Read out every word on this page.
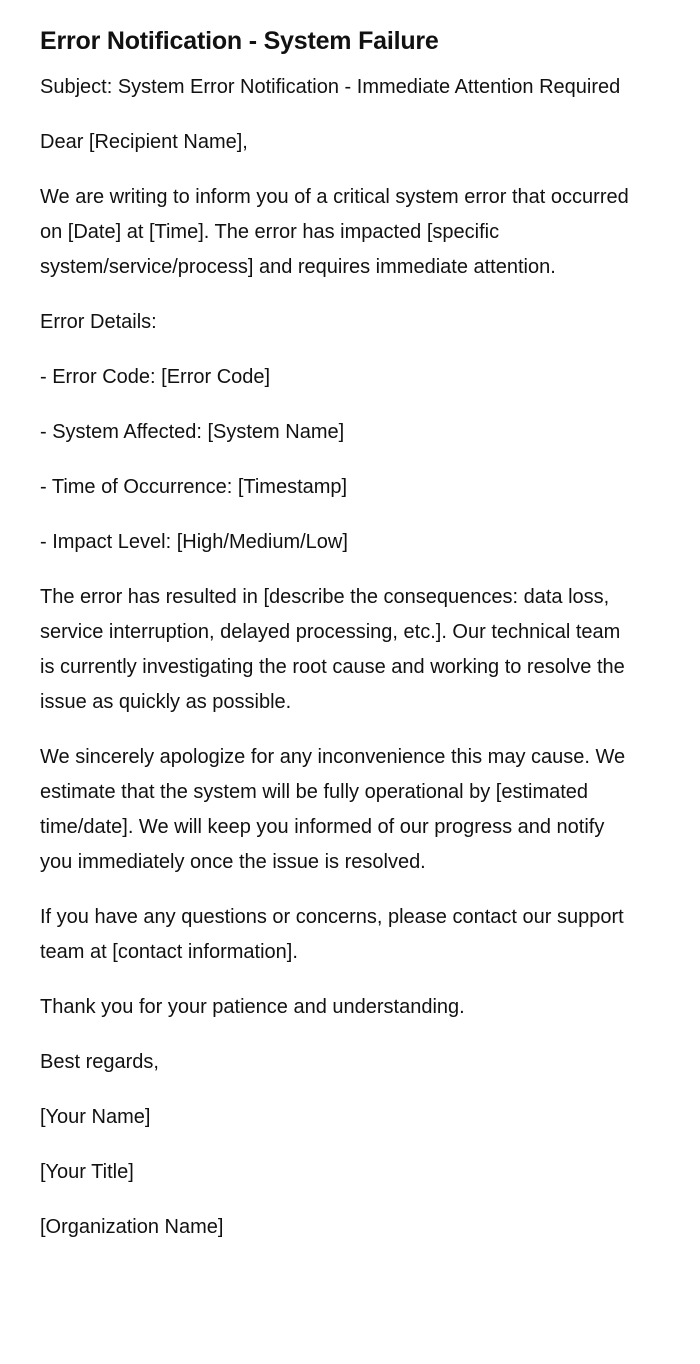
Error Notification - System Failure

Subject: System Error Notification - Immediate Attention Required

Dear [Recipient Name],

We are writing to inform you of a critical system error that occurred on [Date] at [Time]. The error has impacted [specific system/service/process] and requires immediate attention.

Error Details:

- Error Code: [Error Code]

- System Affected: [System Name]

- Time of Occurrence: [Timestamp]

- Impact Level: [High/Medium/Low]

The error has resulted in [describe the consequences: data loss, service interruption, delayed processing, etc.]. Our technical team is currently investigating the root cause and working to resolve the issue as quickly as possible.

We sincerely apologize for any inconvenience this may cause. We estimate that the system will be fully operational by [estimated time/date]. We will keep you informed of our progress and notify you immediately once the issue is resolved.

If you have any questions or concerns, please contact our support team at [contact information].

Thank you for your patience and understanding.

Best regards,

[Your Name]

[Your Title]

[Organization Name]
